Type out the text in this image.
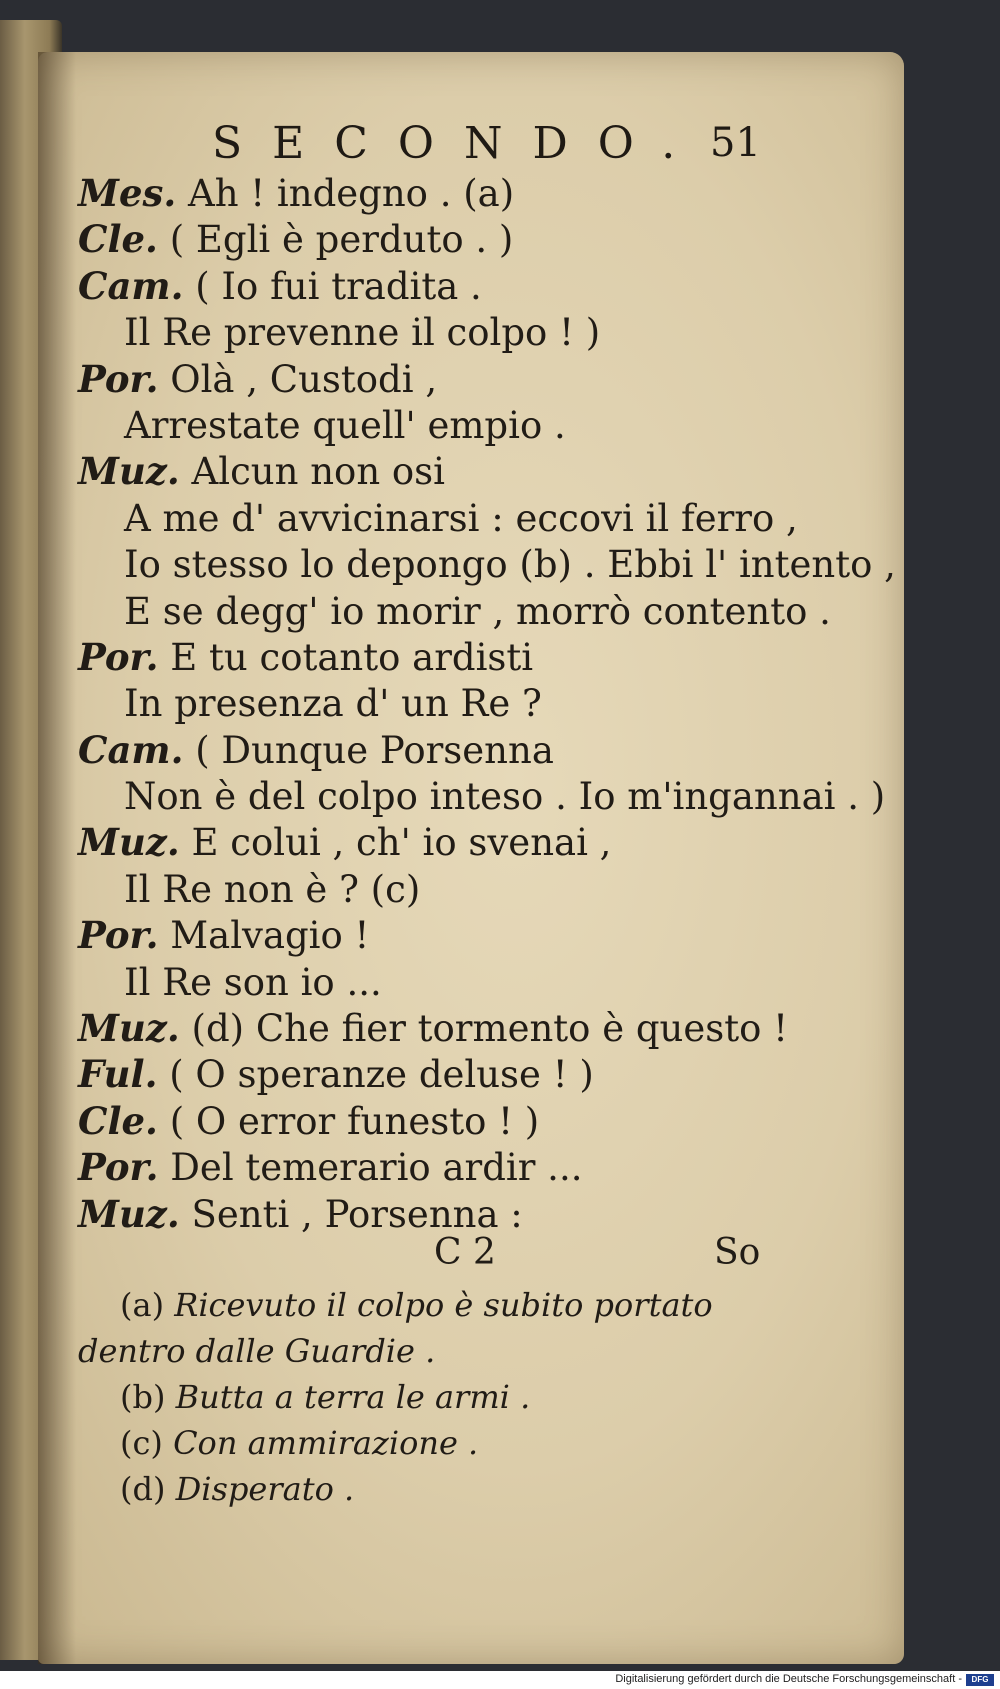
SECONDO. 51
Mes. Ah ! indegno . (a)
Cle. ( Egli è perduto . )
Cam. ( Io fui tradita .
Il Re prevenne il colpo ! )
Por. Olà , Custodi ,
Arrestate quell' empio .
Muz. Alcun non osi
A me d' avvicinarsi : eccovi il ferro ,
Io stesso lo depongo (b) . Ebbi l' intento ,
E se degg' io morir , morrò contento .
Por. E tu cotanto ardisti
In presenza d' un Re ?
Cam. ( Dunque Porsenna
Non è del colpo inteso . Io m'ingannai . )
Muz. E colui , ch' io svenai ,
Il Re non è ? (c)
Por. Malvagio !
Il Re son io ...
Muz. (d) Che fier tormento è questo !
Ful. ( O speranze deluse ! )
Cle. ( O error funesto ! )
Por. Del temerario ardir ...
Muz. Senti , Porsenna :
C 2	So
(a) Ricevuto il colpo è subito portato
dentro dalle Guardie .
(b) Butta a terra le armi .
(c) Con ammirazione .
(d) Disperato .
Digitalisierung gefördert durch die Deutsche Forschungsgemeinschaft -	DFG
